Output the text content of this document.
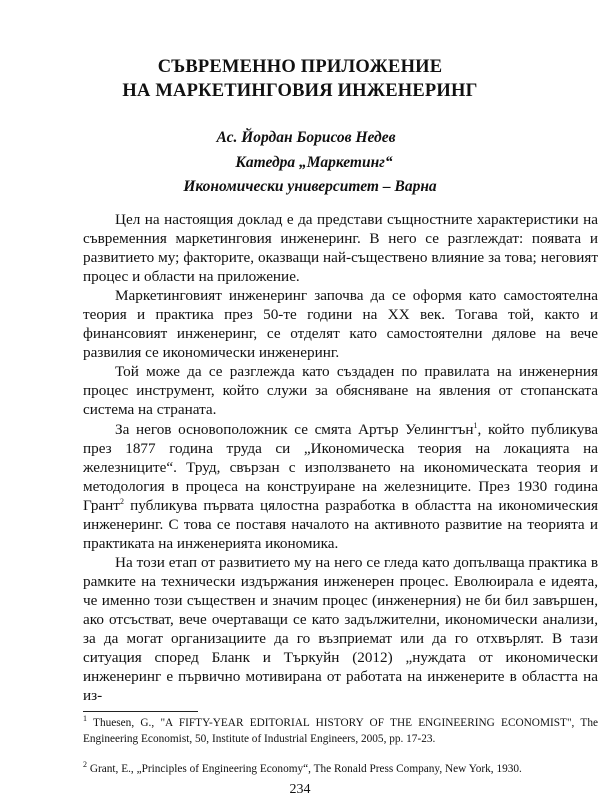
СЪВРЕМЕННО ПРИЛОЖЕНИЕ
НА МАРКЕТИНГОВИЯ ИНЖЕНЕРИНГ
Ас. Йордан Борисов Недев
Катедра „Маркетинг“
Икономически университет – Варна

Цел на настоящия доклад е да представи същностните характеристики на съвременния маркетинговия инженеринг. В него се разглеждат: появата и развитието му; факторите, оказващи най-съществено влияние за това; неговият процес и области на приложение.

Маркетинговият инженеринг започва да се оформя като самостоятелна теория и практика през 50-те години на XX век. Тогава той, както и финансовият инженеринг, се отделят като самостоятелни дялове на вече развилия се икономически инженеринг.

Той може да се разглежда като създаден по правилата на инженерния процес инструмент, който служи за обясняване на явления от стопанската система на страната.

За негов основоположник се смята Артър Уелингтън$^1$, който публикува през 1877 година труда си „Икономическа теория на локацията на железниците“. Труд, свързан с използването на икономическата теория и методология в процеса на конструиране на железниците. През 1930 година Грант$^2$ публикува първата цялостна разработка в областта на икономическия инженеринг. С това се поставя началото на активното развитие на теорията и практиката на инженерията икономика.

На този етап от развитието му на него се гледа като допълваща практика в рамките на технически издържания инженерен процес. Еволюирала е идеята, че именно този съществен и значим процес (инженерния) не би бил завършен, ако отсъстват, вече очертаващи се като задължителни, икономически анализи, за да могат организациите да го възприемат или да го отхвърлят. В тази ситуация според Бланк и Търкуйн (2012) „нуждата от икономически инженеринг е първично мотивирана от работата на инженерите в областта на из-

$^1$ Thuesen, G., "A FIFTY-YEAR EDITORIAL HISTORY OF THE ENGINEERING ECONOMIST", The Engineering Economist, 50, Institute of Industrial Engineers, 2005, pp. 17-23.
$^2$ Grant, E., „Principles of Engineering Economy“, The Ronald Press Company, New York, 1930.
234
